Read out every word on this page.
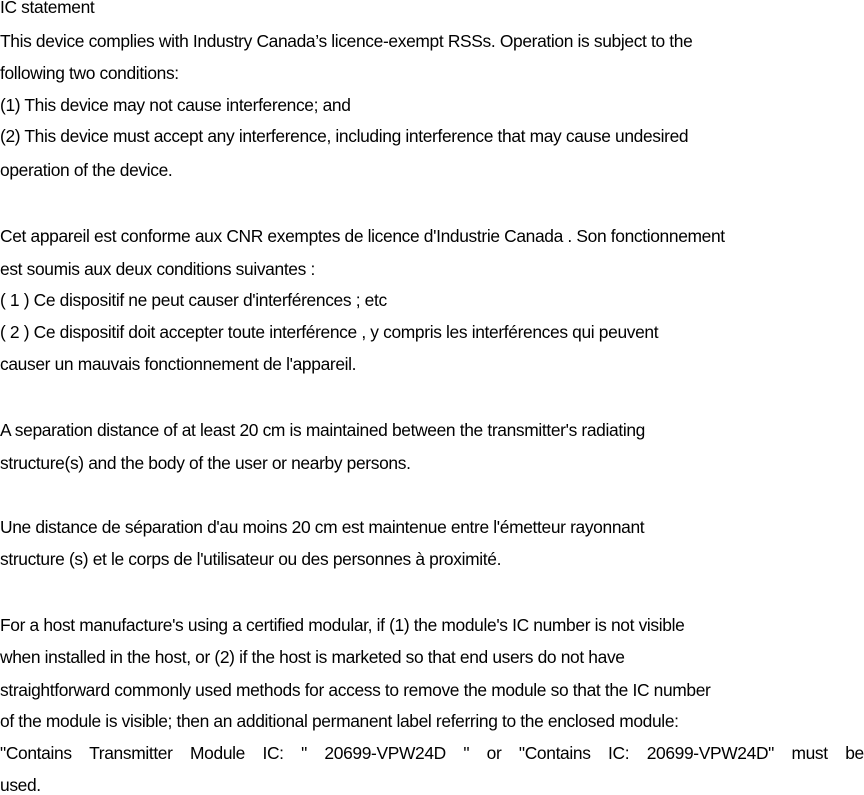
IC statement
This device complies with Industry Canada’s licence-exempt RSSs. Operation is subject to the
following two conditions:
(1) This device may not cause interference; and
(2) This device must accept any interference, including interference that may cause undesired
operation of the device.
Cet appareil est conforme aux CNR exemptes de licence d'Industrie Canada . Son fonctionnement
est soumis aux deux conditions suivantes :
( 1 ) Ce dispositif ne peut causer d'interférences ; etc
( 2 ) Ce dispositif doit accepter toute interférence , y compris les interférences qui peuvent
causer un mauvais fonctionnement de l'appareil.
A separation distance of at least 20 cm is maintained between the transmitter's radiating
structure(s) and the body of the user or nearby persons.
Une distance de séparation d'au moins 20 cm est maintenue entre l'émetteur rayonnant
structure (s) et le corps de l'utilisateur ou des personnes à proximité.
For a host manufacture's using a certified modular, if (1) the module's IC number is not visible
when installed in the host, or (2) if the host is marketed so that end users do not have
straightforward commonly used methods for access to remove the module so that the IC number
of the module is visible; then an additional permanent label referring to the enclosed module:
"Contains Transmitter Module IC: " 20699-VPW24D " or "Contains IC: 20699-VPW24D" must be
used.
